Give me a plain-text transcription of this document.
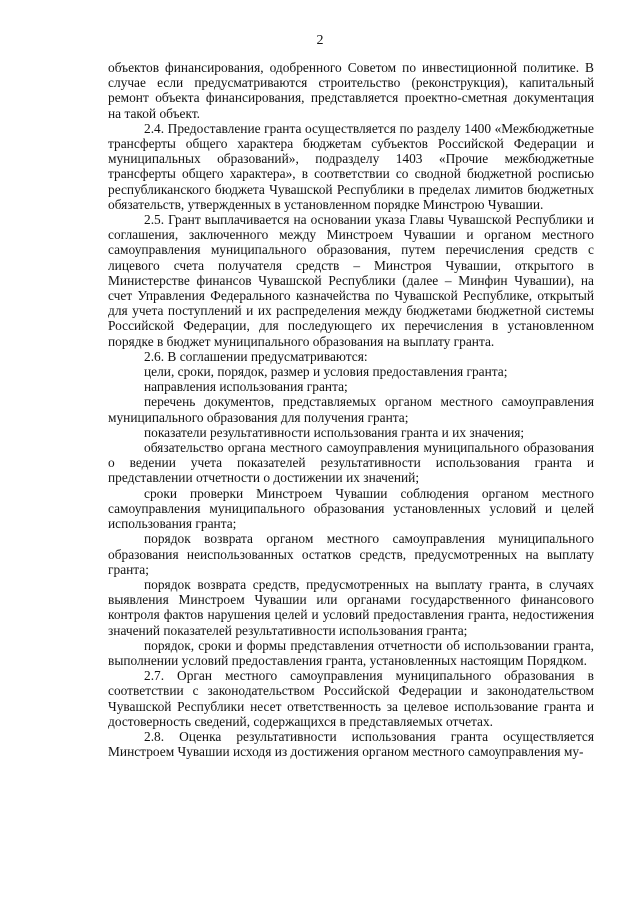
2

объектов финансирования, одобренного Советом по инвестиционной политике. В случае если предусматриваются строительство (реконструкция), капитальный ремонт объекта финансирования, представляется проектно-сметная документация на такой объект.

2.4. Предоставление гранта осуществляется по разделу 1400 «Межбюджетные трансферты общего характера бюджетам субъектов Российской Федерации и муниципальных образований», подразделу 1403 «Прочие межбюджетные трансферты общего характера», в соответствии со сводной бюджетной росписью республиканского бюджета Чувашской Республики в пределах лимитов бюджетных обязательств, утвержденных в установленном порядке Минстрою Чувашии.

2.5. Грант выплачивается на основании указа Главы Чувашской Республики и соглашения, заключенного между Минстроем Чувашии и органом местного самоуправления муниципального образования, путем перечисления средств с лицевого счета получателя средств – Минстроя Чувашии, открытого в Министерстве финансов Чувашской Республики (далее – Минфин Чувашии), на счет Управления Федерального казначейства по Чувашской Республике, открытый для учета поступлений и их распределения между бюджетами бюджетной системы Российской Федерации, для последующего их перечисления в установленном порядке в бюджет муниципального образования на выплату гранта.

2.6. В соглашении предусматриваются:

цели, сроки, порядок, размер и условия предоставления гранта;

направления использования гранта;

перечень документов, представляемых органом местного самоуправления муниципального образования для получения гранта;

показатели результативности использования гранта и их значения;

обязательство органа местного самоуправления муниципального образования о ведении учета показателей результативности использования гранта и представлении отчетности о достижении их значений;

сроки проверки Минстроем Чувашии соблюдения органом местного самоуправления муниципального образования установленных условий и целей использования гранта;

порядок возврата органом местного самоуправления муниципального образования неиспользованных остатков средств, предусмотренных на выплату гранта;

порядок возврата средств, предусмотренных на выплату гранта, в случаях выявления Минстроем Чувашии или органами государственного финансового контроля фактов нарушения целей и условий предоставления гранта, недостижения значений показателей результативности использования гранта;

порядок, сроки и формы представления отчетности об использовании гранта, выполнении условий предоставления гранта, установленных настоящим Порядком.

2.7. Орган местного самоуправления муниципального образования в соответствии с законодательством Российской Федерации и законодательством Чувашской Республики несет ответственность за целевое использование гранта и достоверность сведений, содержащихся в представляемых отчетах.

2.8. Оценка результативности использования гранта осуществляется Минстроем Чувашии исходя из достижения органом местного самоуправления му-
